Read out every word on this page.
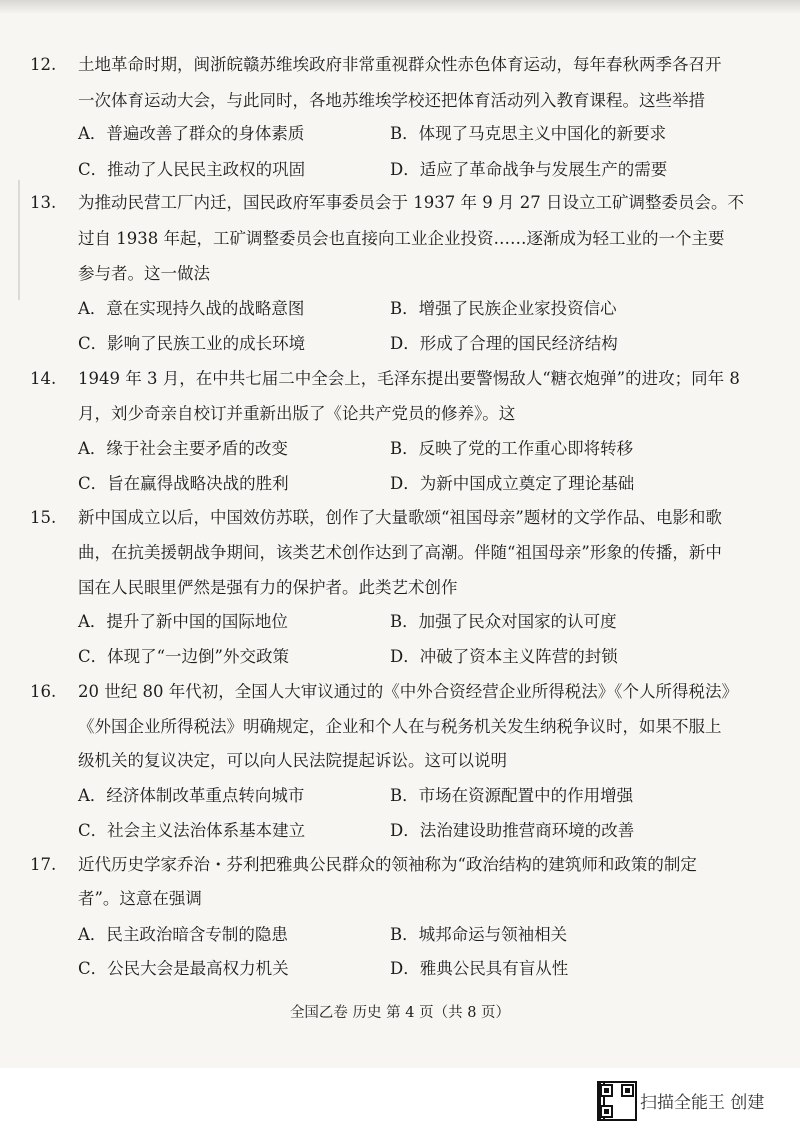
12. 土地革命时期，闽浙皖赣苏维埃政府非常重视群众性赤色体育运动，每年春秋两季各召开
一次体育运动大会，与此同时，各地苏维埃学校还把体育活动列入教育课程。这些举措
A．普遍改善了群众的身体素质	B．体现了马克思主义中国化的新要求
C．推动了人民民主政权的巩固	D．适应了革命战争与发展生产的需要
13. 为推动民营工厂内迁，国民政府军事委员会于 1937 年 9 月 27 日设立工矿调整委员会。不
过自 1938 年起，工矿调整委员会也直接向工业企业投资……逐渐成为轻工业的一个主要
参与者。这一做法
A．意在实现持久战的战略意图	B．增强了民族企业家投资信心
C．影响了民族工业的成长环境	D．形成了合理的国民经济结构
14. 1949 年 3 月，在中共七届二中全会上，毛泽东提出要警惕敌人“糖衣炮弹”的进攻；同年 8
月，刘少奇亲自校订并重新出版了《论共产党员的修养》。这
A．缘于社会主要矛盾的改变	B．反映了党的工作重心即将转移
C．旨在赢得战略决战的胜利	D．为新中国成立奠定了理论基础
15. 新中国成立以后，中国效仿苏联，创作了大量歌颂“祖国母亲”题材的文学作品、电影和歌
曲，在抗美援朝战争期间，该类艺术创作达到了高潮。伴随“祖国母亲”形象的传播，新中
国在人民眼里俨然是强有力的保护者。此类艺术创作
A．提升了新中国的国际地位	B．加强了民众对国家的认可度
C．体现了“一边倒”外交政策	D．冲破了资本主义阵营的封锁
16. 20 世纪 80 年代初，全国人大审议通过的《中外合资经营企业所得税法》《个人所得税法》
《外国企业所得税法》明确规定，企业和个人在与税务机关发生纳税争议时，如果不服上
级机关的复议决定，可以向人民法院提起诉讼。这可以说明
A．经济体制改革重点转向城市	B．市场在资源配置中的作用增强
C．社会主义法治体系基本建立	D．法治建设助推营商环境的改善
17. 近代历史学家乔治・芬利把雅典公民群众的领袖称为“政治结构的建筑师和政策的制定
者”。这意在强调
A．民主政治暗含专制的隐患	B．城邦命运与领袖相关
C．公民大会是最高权力机关	D．雅典公民具有盲从性
全国乙卷 历史 第 4 页（共 8 页）
扫描全能王 创建
